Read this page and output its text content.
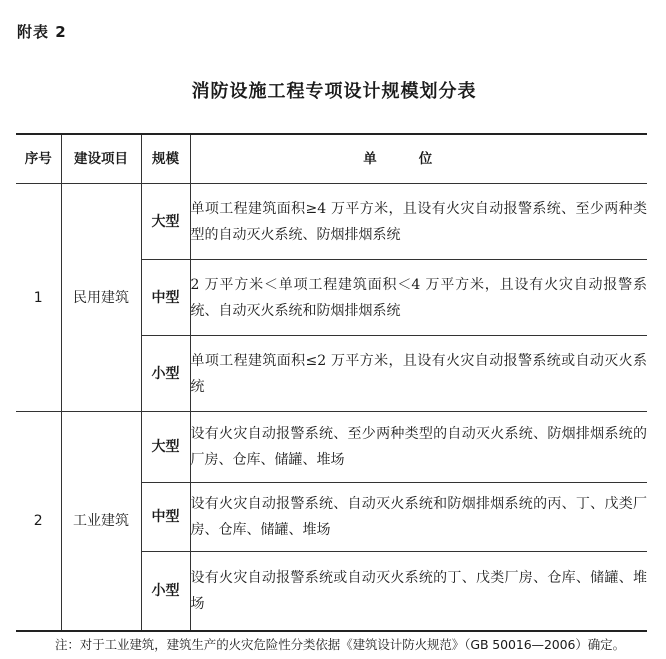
附表 2
消防设施工程专项设计规模划分表
序号	建设项目	规模	单位
1	民用建筑	大型	单项工程建筑面积≥4 万平方米，且设有火灾自动报警系统、至少两种类型的自动灭火系统、防烟排烟系统
		中型	2 万平方米＜单项工程建筑面积＜4 万平方米，且设有火灾自动报警系统、自动灭火系统和防烟排烟系统
		小型	单项工程建筑面积≤2 万平方米，且设有火灾自动报警系统或自动灭火系统
2	工业建筑	大型	设有火灾自动报警系统、至少两种类型的自动灭火系统、防烟排烟系统的厂房、仓库、储罐、堆场
		中型	设有火灾自动报警系统、自动灭火系统和防烟排烟系统的丙、丁、戊类厂房、仓库、储罐、堆场
		小型	设有火灾自动报警系统或自动灭火系统的丁、戊类厂房、仓库、储罐、堆场
注：对于工业建筑，建筑生产的火灾危险性分类依据《建筑设计防火规范》（GB 50016—2006）确定。
